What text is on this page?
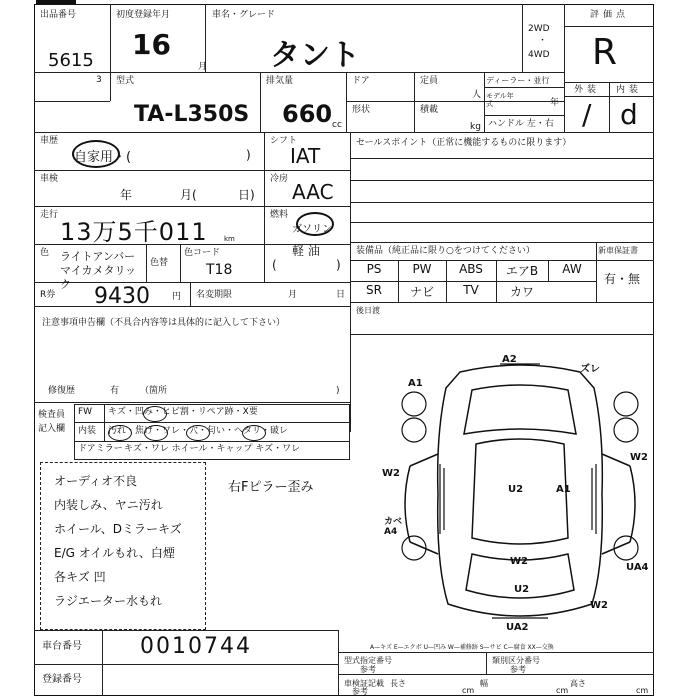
出品番号
5615
3
初度登録年月
16
月
車名・グレード
タント
2WD
・
4WD
評価点
R
外装 内装
/ d
型式
TA-L350S
排気量
660 cc
ドア	定員
人
形状	積載
kg
ディーラー・並行
モデル年式	年
ハンドル 左・右
車歴
自家用・(	)
シフト
IAT
車検
年	月(	日)
冷房
AAC
走行
13万5千011 km
燃料
ガソリン
軽 油
(	)
色 ライトアンバー マイカメタリック
色替
色コード
T18
R券 9430 円 名変期限	月	日
セールスポイント（正常に機能するものに限ります）
装備品（純正品に限り○をつけてください）	新車保証書
有・無
PS	PW	ABS	エアB	AW
SR	ナビ	TV	カワ
後日渡
注意事項申告欄（不具合内容等は具体的に記入して下さい）
修復歴	有 （箇所	)
検査員
記入欄
FW キズ・凹み・ヒビ割・リペア跡・X要
内装 汚れ・焦げ・ワレ・穴・匂い・ヘタリ・破レ
ドアミラー キズ・ワレ ホイール・キャップ キズ・ワレ
オーディオ不良
内装しみ、ヤニ汚れ
ホイール、Dミラーキズ
E/G オイルもれ、白煙
各キズ 凹
ラジエーター水もれ
右Fピラー歪み
A2
ズレ
A1
W2
W2
U2	A1
カベ A4
W2
U2
UA4
W2
UA2
車台番号	0010744
登録番号
A—キズ E—エクボ U—凹み W—補修跡 S—サビ C—腐食 XX—交換
型式指定番号
参考
類別区分番号
参考
車検証記載
参考
長さ
cm
幅
cm
高さ
cm
